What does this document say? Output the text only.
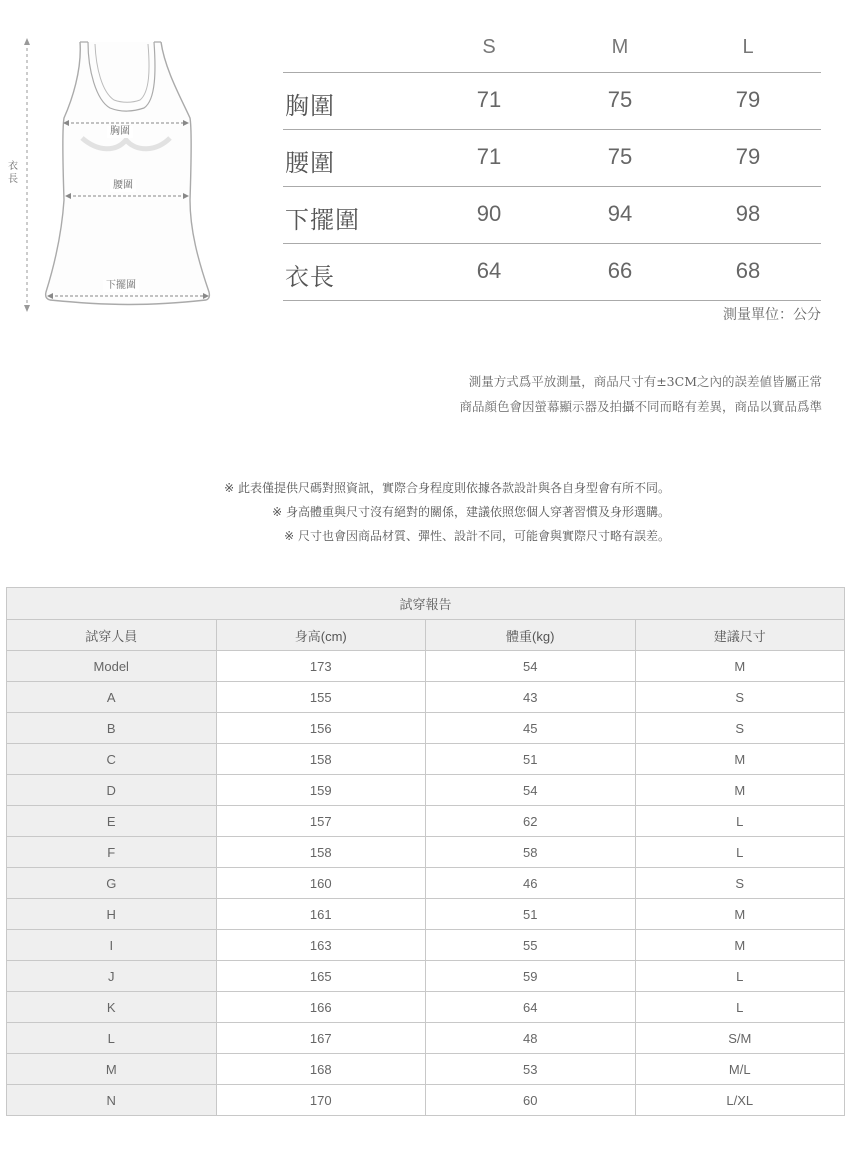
衣長
胸圍
腰圍
下擺圍
S	M	L
胸圍	71	75	79
腰圍	71	75	79
下擺圍	90	94	98
衣長	64	66	68
測量單位：公分
測量方式爲平放測量，商品尺寸有±3CM之內的誤差値皆屬正常
商品顔色會因螢幕顯示器及拍攝不同而略有差異，商品以實品爲準
※ 此表僅提供尺碼對照資訊，實際合身程度則依據各款設計與各自身型會有所不同。
※ 身高體重與尺寸沒有絕對的關係，建議依照您個人穿著習慣及身形選購。
※ 尺寸也會因商品材質、彈性、設計不同，可能會與實際尺寸略有誤差。
試穿報告			
試穿人員	身高(cm)	體重(kg)	建議尺寸
Model	173	54	M
A	155	43	S
B	156	45	S
C	158	51	M
D	159	54	M
E	157	62	L
F	158	58	L
G	160	46	S
H	161	51	M
I	163	55	M
J	165	59	L
K	166	64	L
L	167	48	S/M
M	168	53	M/L
N	170	60	L/XL
